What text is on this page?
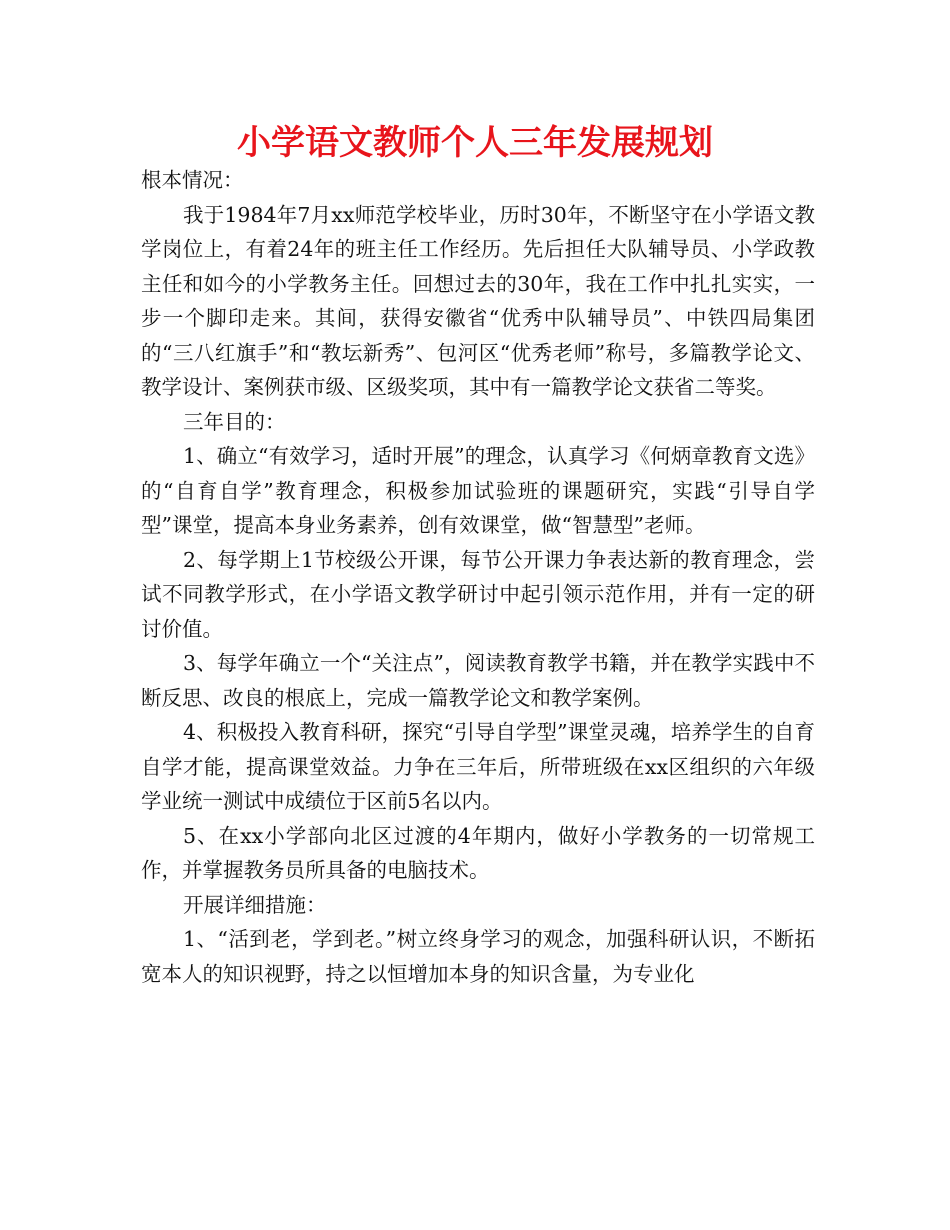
小学语文教师个人三年发展规划

根本情况：

我于1984年7月xx师范学校毕业，历时30年，不断坚守在小学语文教学岗位上，有着24年的班主任工作经历。先后担任大队辅导员、小学政教主任和如今的小学教务主任。回想过去的30年，我在工作中扎扎实实，一步一个脚印走来。其间，获得安徽省“优秀中队辅导员”、中铁四局集团的“三八红旗手”和“教坛新秀”、包河区“优秀老师”称号，多篇教学论文、教学设计、案例获市级、区级奖项，其中有一篇教学论文获省二等奖。

三年目的：

1、确立“有效学习，适时开展”的理念，认真学习《何炳章教育文选》的“自育自学”教育理念，积极参加试验班的课题研究，实践“引导自学型”课堂，提高本身业务素养，创有效课堂，做“智慧型”老师。

2、每学期上1节校级公开课，每节公开课力争表达新的教育理念，尝试不同教学形式，在小学语文教学研讨中起引领示范作用，并有一定的研讨价值。

3、每学年确立一个“关注点”，阅读教育教学书籍，并在教学实践中不断反思、改良的根底上，完成一篇教学论文和教学案例。

4、积极投入教育科研，探究“引导自学型”课堂灵魂，培养学生的自育自学才能，提高课堂效益。力争在三年后，所带班级在xx区组织的六年级学业统一测试中成绩位于区前5名以内。

5、在xx小学部向北区过渡的4年期内，做好小学教务的一切常规工作，并掌握教务员所具备的电脑技术。

开展详细措施：

1、“活到老，学到老。”树立终身学习的观念，加强科研认识，不断拓宽本人的知识视野，持之以恒增加本身的知识含量，为专业化
